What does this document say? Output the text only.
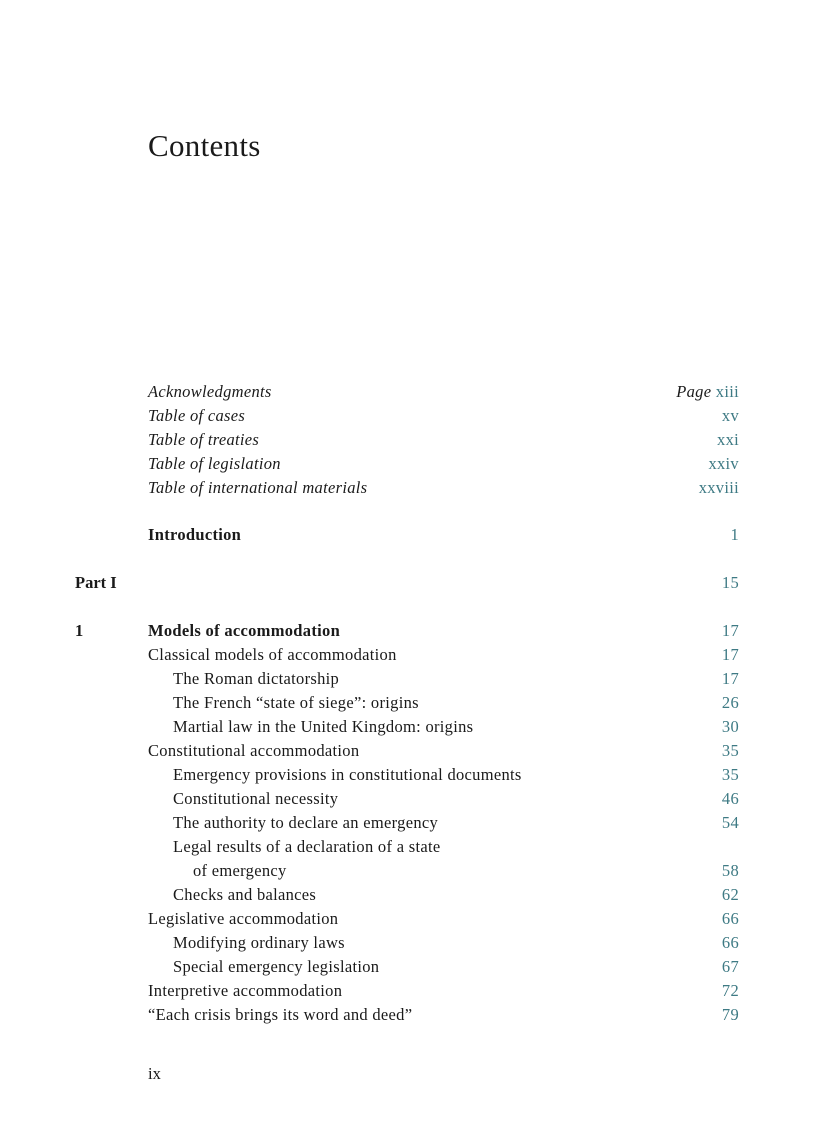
Contents
Acknowledgments	Page xiii
Table of cases	xv
Table of treaties	xxi
Table of legislation	xxiv
Table of international materials	xxviii
Introduction	1
Part I	15
1	Models of accommodation	17
Classical models of accommodation	17
The Roman dictatorship	17
The French “state of siege”: origins	26
Martial law in the United Kingdom: origins	30
Constitutional accommodation	35
Emergency provisions in constitutional documents	35
Constitutional necessity	46
The authority to declare an emergency	54
Legal results of a declaration of a state
of emergency	58
Checks and balances	62
Legislative accommodation	66
Modifying ordinary laws	66
Special emergency legislation	67
Interpretive accommodation	72
“Each crisis brings its word and deed”	79
ix
